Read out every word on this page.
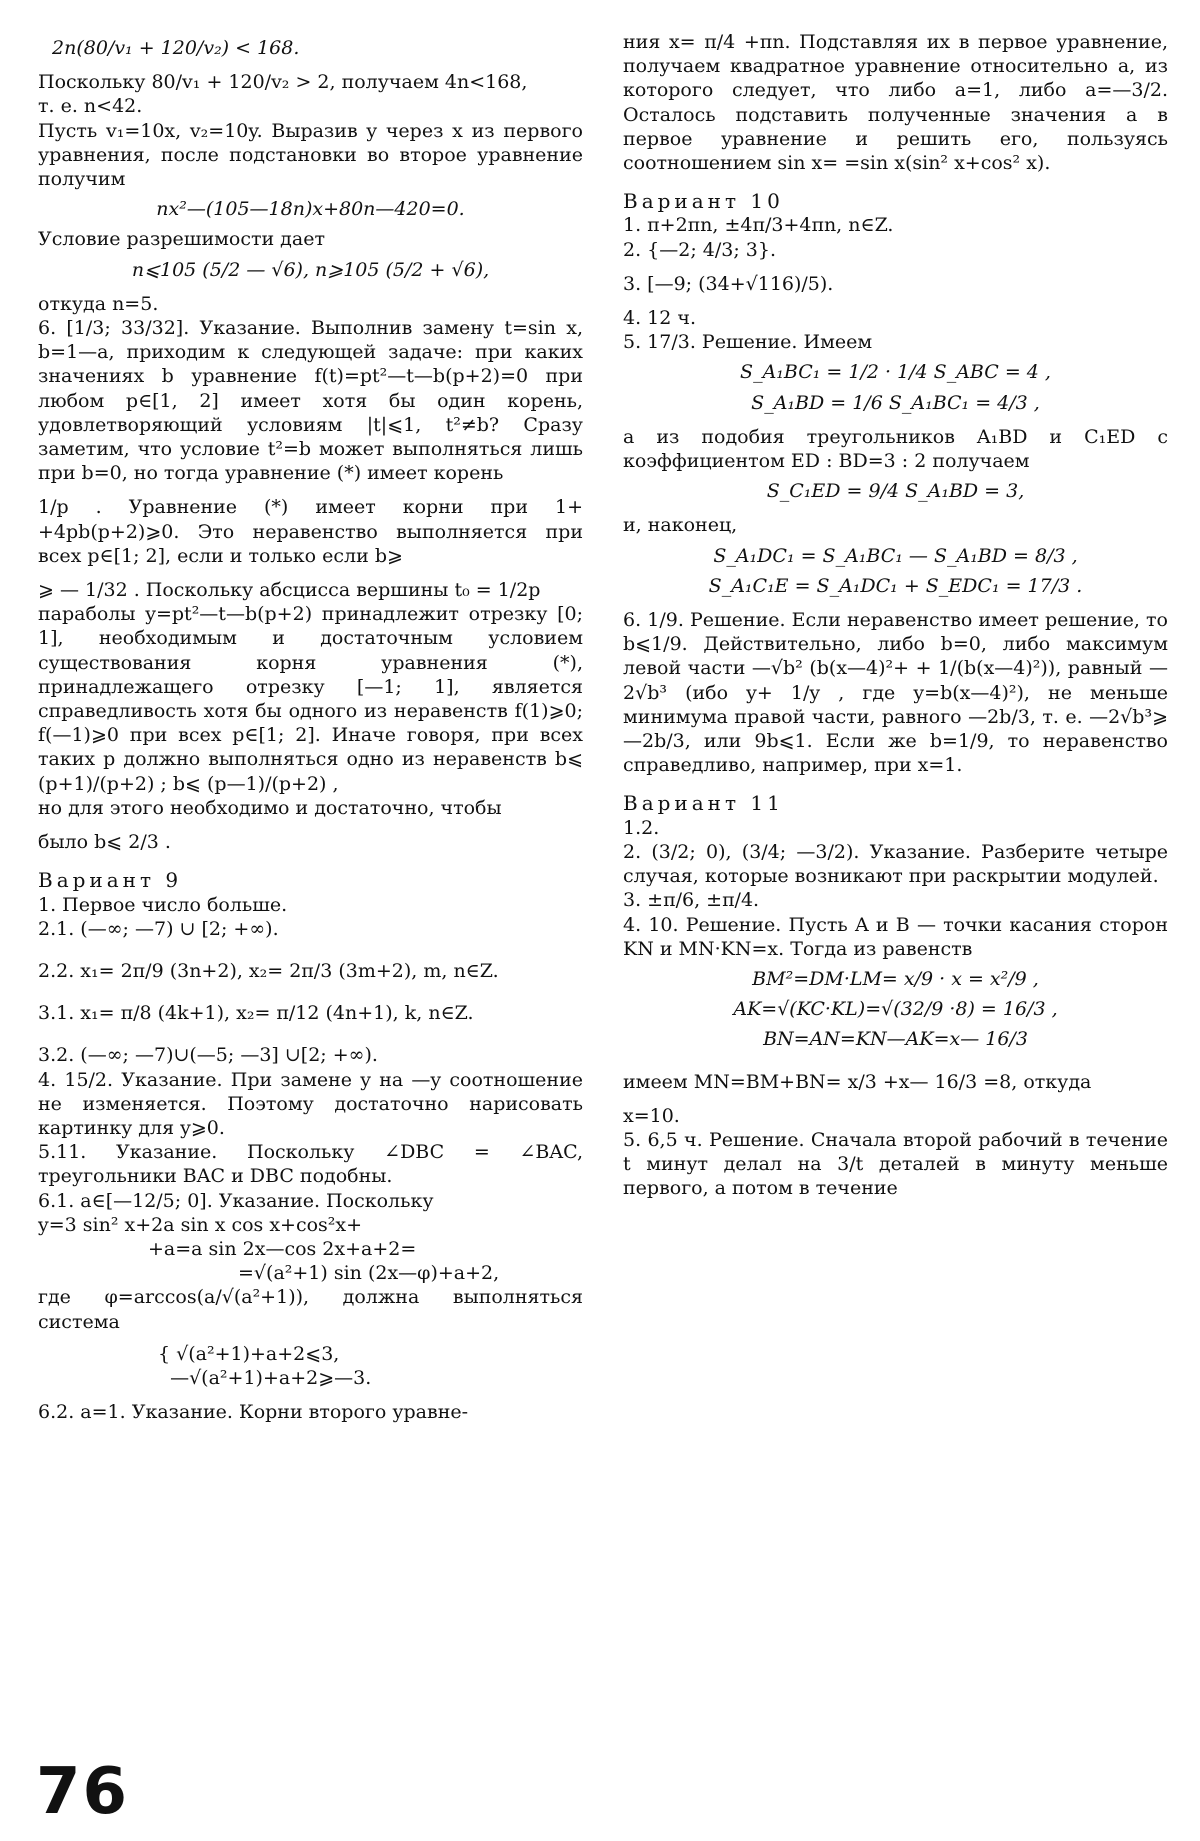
2n(80/v₁ + 120/v₂) < 168.

Поскольку 80/v₁ + 120/v₂ > 2, получаем 4n<168,

т. е. n<42.

Пусть v₁=10x, v₂=10y. Выразив y через x из первого уравнения, после подстановки во второе уравнение получим

nx²—(105—18n)x+80n—420=0.

Условие разрешимости дает

n⩽105 (5/2 — √6), n⩾105 (5/2 + √6),

откуда n=5.

6. [1/3; 33/32]. Указание. Выполнив замену t=sin x, b=1—a, приходим к следующей задаче: при каких значениях b уравнение f(t)=pt²—t—b(p+2)=0 при любом p∈[1, 2] имеет хотя бы один корень, удовлетворяющий условиям |t|⩽1, t²≠b? Сразу заметим, что условие t²=b может выполняться лишь при b=0, но тогда уравнение (*) имеет корень

1/p . Уравнение (*) имеет корни при 1+ +4pb(p+2)⩾0. Это неравенство выполняется при всех p∈[1; 2], если и только если b⩾

⩾ — 1/32 . Поскольку абсцисса вершины t₀ = 1/2p

параболы y=pt²—t—b(p+2) принадлежит отрезку [0; 1], необходимым и достаточным условием существования корня уравнения (*), принадлежащего отрезку [—1; 1], является справедливость хотя бы одного из неравенств f(1)⩾0; f(—1)⩾0 при всех p∈[1; 2]. Иначе говоря, при всех таких p должно выполняться одно из неравенств b⩽ (p+1)/(p+2) ; b⩽ (p—1)/(p+2) ,

но для этого необходимо и достаточно, чтобы

было b⩽ 2/3 .

Вариант 9

1. Первое число больше.

2.1. (—∞; —7) ∪ [2; +∞).

2.2. x₁= 2π/9 (3n+2), x₂= 2π/3 (3m+2), m, n∈Z.

3.1. x₁= π/8 (4k+1), x₂= π/12 (4n+1), k, n∈Z.

3.2. (—∞; —7)∪(—5; —3] ∪[2; +∞).

4. 15/2. Указание. При замене y на —y соотношение не изменяется. Поэтому достаточно нарисовать картинку для y⩾0.

5.11. Указание. Поскольку ∠DBC = ∠BAC, треугольники BAC и DBC подобны.

6.1. a∈[—12/5; 0]. Указание. Поскольку

y=3 sin² x+2a sin x cos x+cos²x+

+a=a sin 2x—cos 2x+a+2=

=√(a²+1) sin (2x—φ)+a+2,

где φ=arccos(a/√(a²+1)), должна выполняться система

{ √(a²+1)+a+2⩽3,

—√(a²+1)+a+2⩾—3.

6.2. a=1. Указание. Корни второго уравне-

ния x= π/4 +πn. Подставляя их в первое уравнение, получаем квадратное уравнение относительно a, из которого следует, что либо a=1, либо a=—3/2. Осталось подставить полученные значения a в первое уравнение и решить его, пользуясь соотношением sin x= =sin x(sin² x+cos² x).

Вариант 10

1. π+2πn, ±4π/3+4πn, n∈Z.

2. {—2; 4/3; 3}.

3. [—9; (34+√116)/5).

4. 12 ч.

5. 17/3. Решение. Имеем

S_A₁BC₁ = 1/2 · 1/4 S_ABC = 4 ,

S_A₁BD = 1/6 S_A₁BC₁ = 4/3 ,

а из подобия треугольников A₁BD и C₁ED с коэффициентом ED : BD=3 : 2 получаем

S_C₁ED = 9/4 S_A₁BD = 3,

и, наконец,

S_A₁DC₁ = S_A₁BC₁ — S_A₁BD = 8/3 ,

S_A₁C₁E = S_A₁DC₁ + S_EDC₁ = 17/3 .

6. 1/9. Решение. Если неравенство имеет решение, то b⩽1/9. Действительно, либо b=0, либо максимум левой части —√b² (b(x—4)²+ + 1/(b(x—4)²)), равный —2√b³ (ибо y+ 1/y , где y=b(x—4)²), не меньше минимума правой части, равного —2b/3, т. е. —2√b³⩾—2b/3, или 9b⩽1. Если же b=1/9, то неравенство справедливо, например, при x=1.

Вариант 11

1.2.

2. (3/2; 0), (3/4; —3/2). Указание. Разберите четыре случая, которые возникают при раскрытии модулей.

3. ±π/6, ±π/4.

4. 10. Решение. Пусть A и B — точки касания сторон KN и MN·KN=x. Тогда из равенств

BM²=DM·LM= x/9 · x = x²/9 ,

AK=√(KC·KL)=√(32/9 ·8) = 16/3 ,

BN=AN=KN—AK=x— 16/3

имеем MN=BM+BN= x/3 +x— 16/3 =8, откуда

x=10.

5. 6,5 ч. Решение. Сначала второй рабочий в течение t минут делал на 3/t деталей в минуту меньше первого, а потом в течение

76
